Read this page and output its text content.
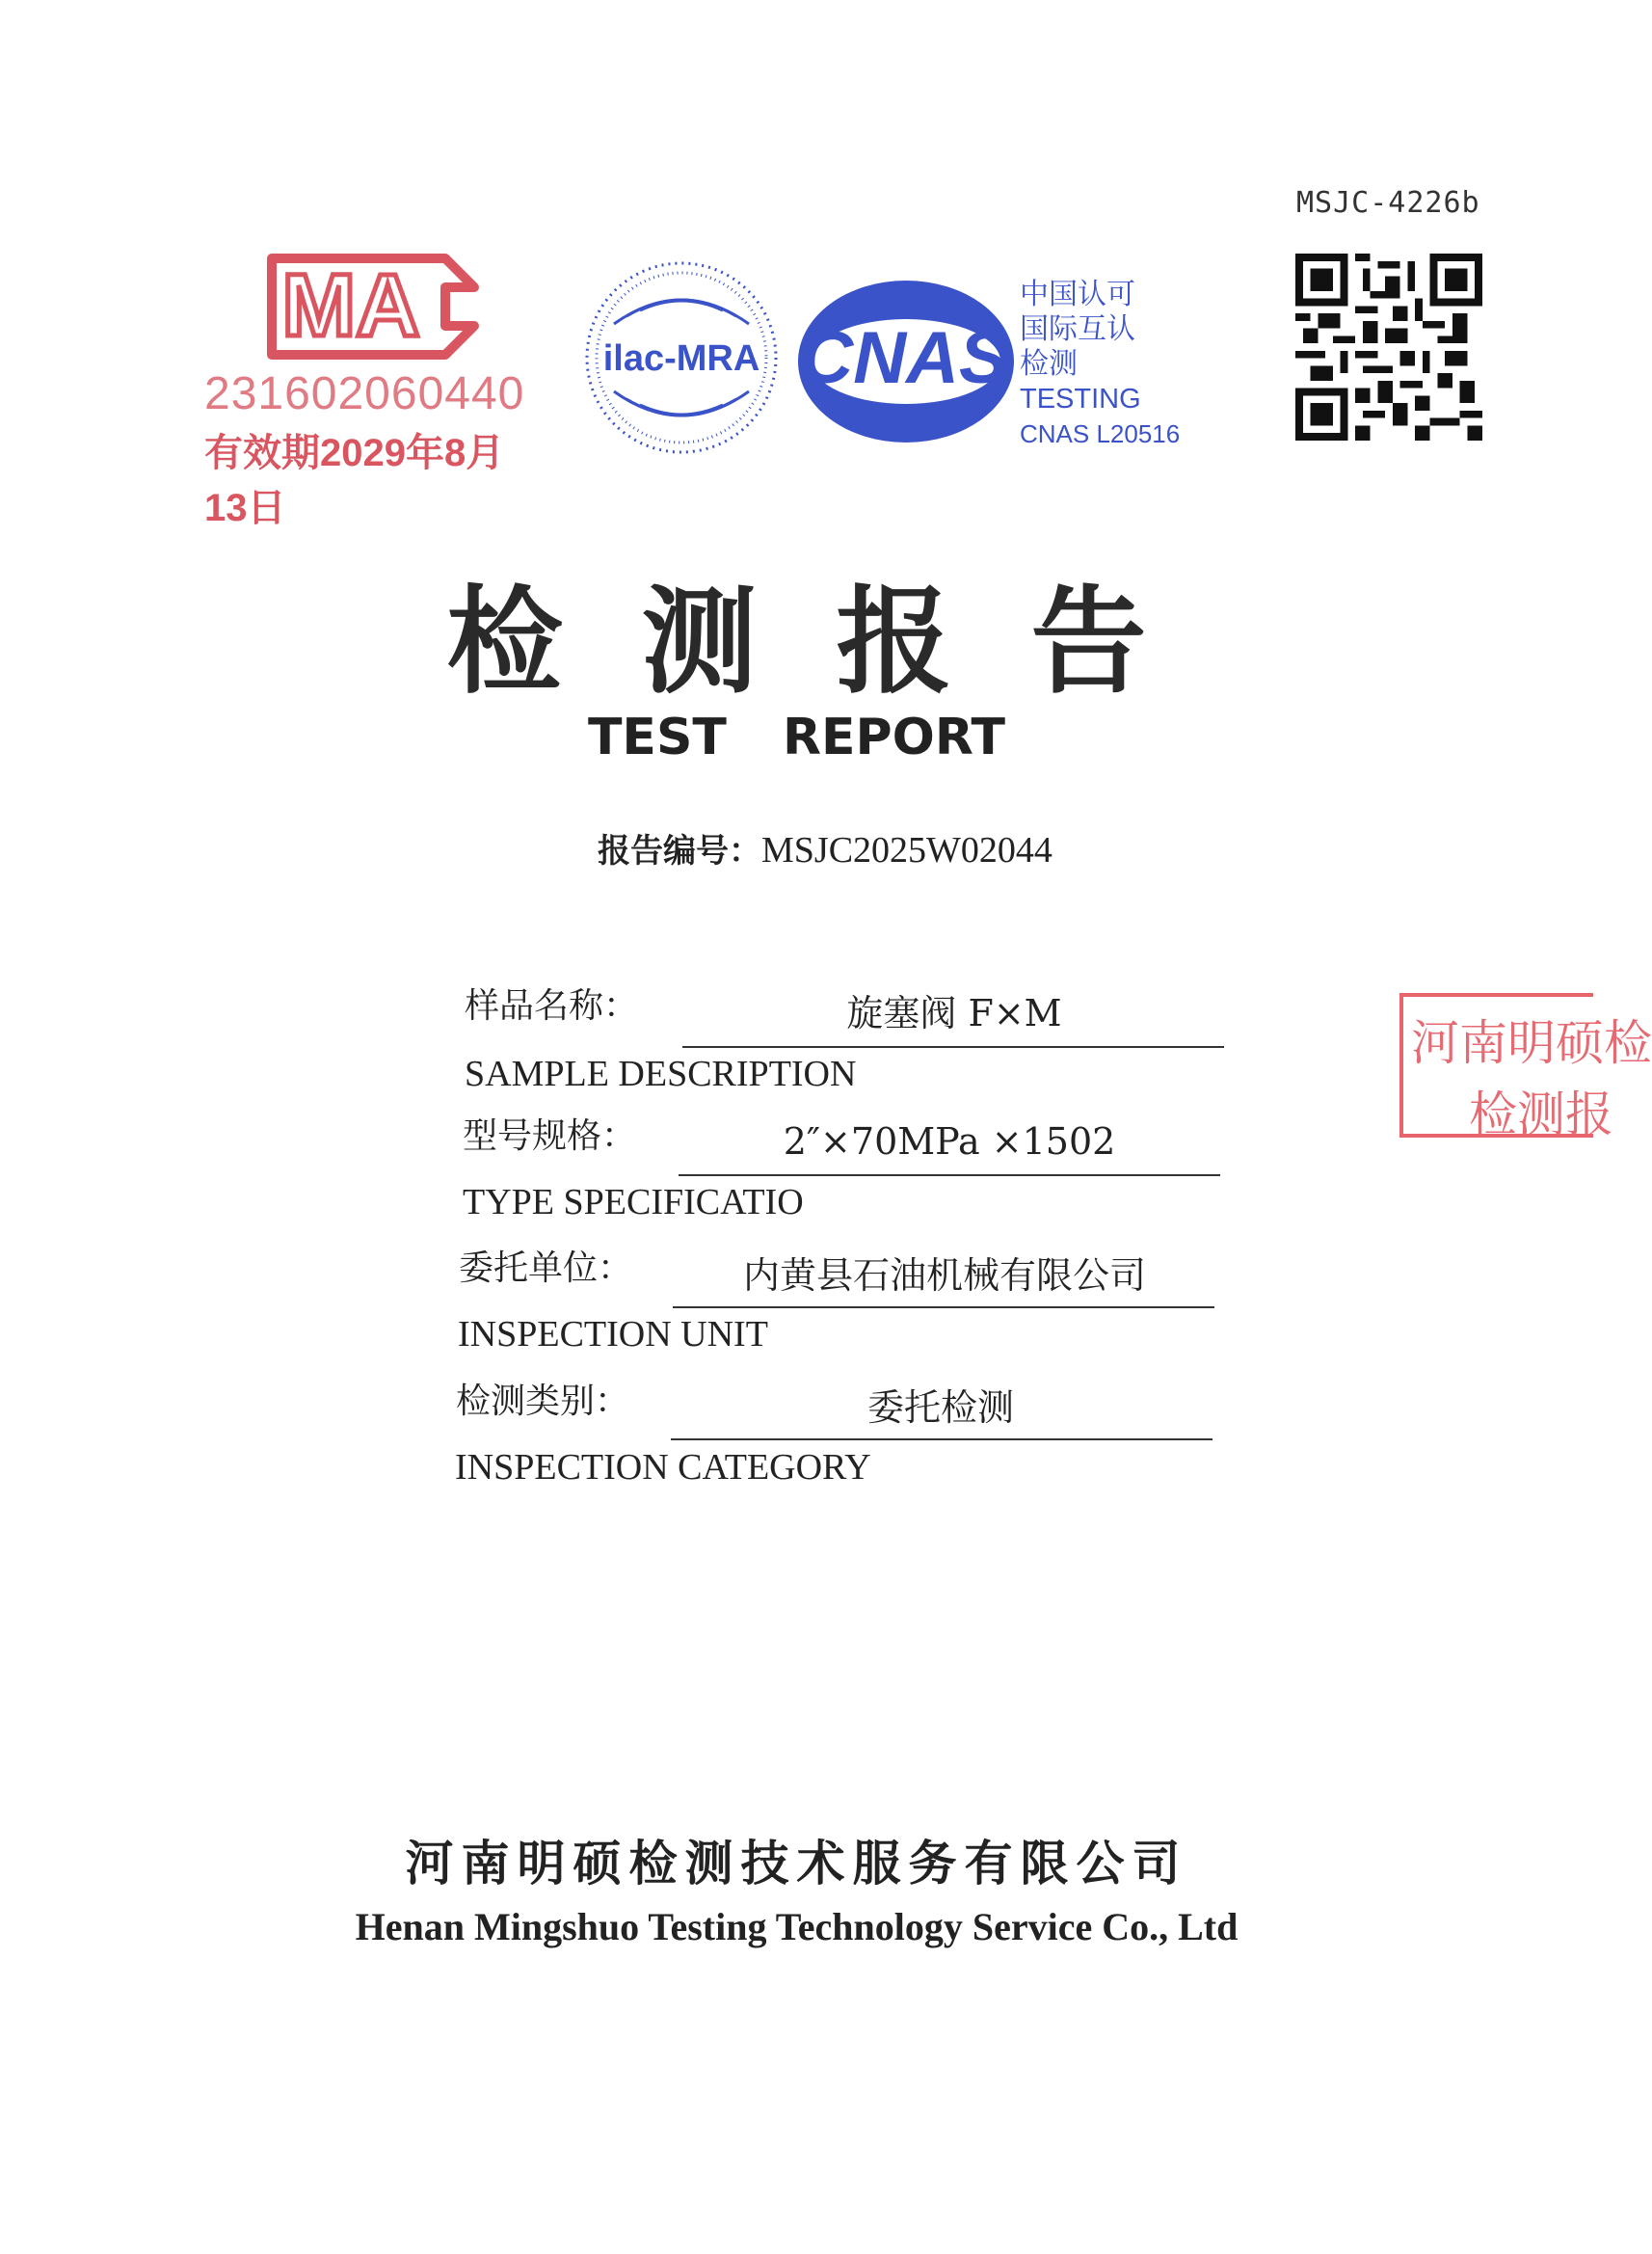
MSJC-4226b
MA
231602060440
有效期2029年8月13日
ilac-MRA CNAS
中国认可
国际互认
检测
TESTING
CNAS L20516
检测报告
TEST REPORT
报告编号：MSJC2025W02044
样品名称：	旋塞阀 F×M
SAMPLE DESCRIPTION
型号规格：	2″×70MPa ×1502
TYPE SPECIFICATIO
委托单位：	内黄县石油机械有限公司
INSPECTION UNIT
检测类别：	委托检测
INSPECTION CATEGORY
河南明硕检
检测报
河南明硕检测技术服务有限公司
Henan Mingshuo Testing Technology Service Co., Ltd
